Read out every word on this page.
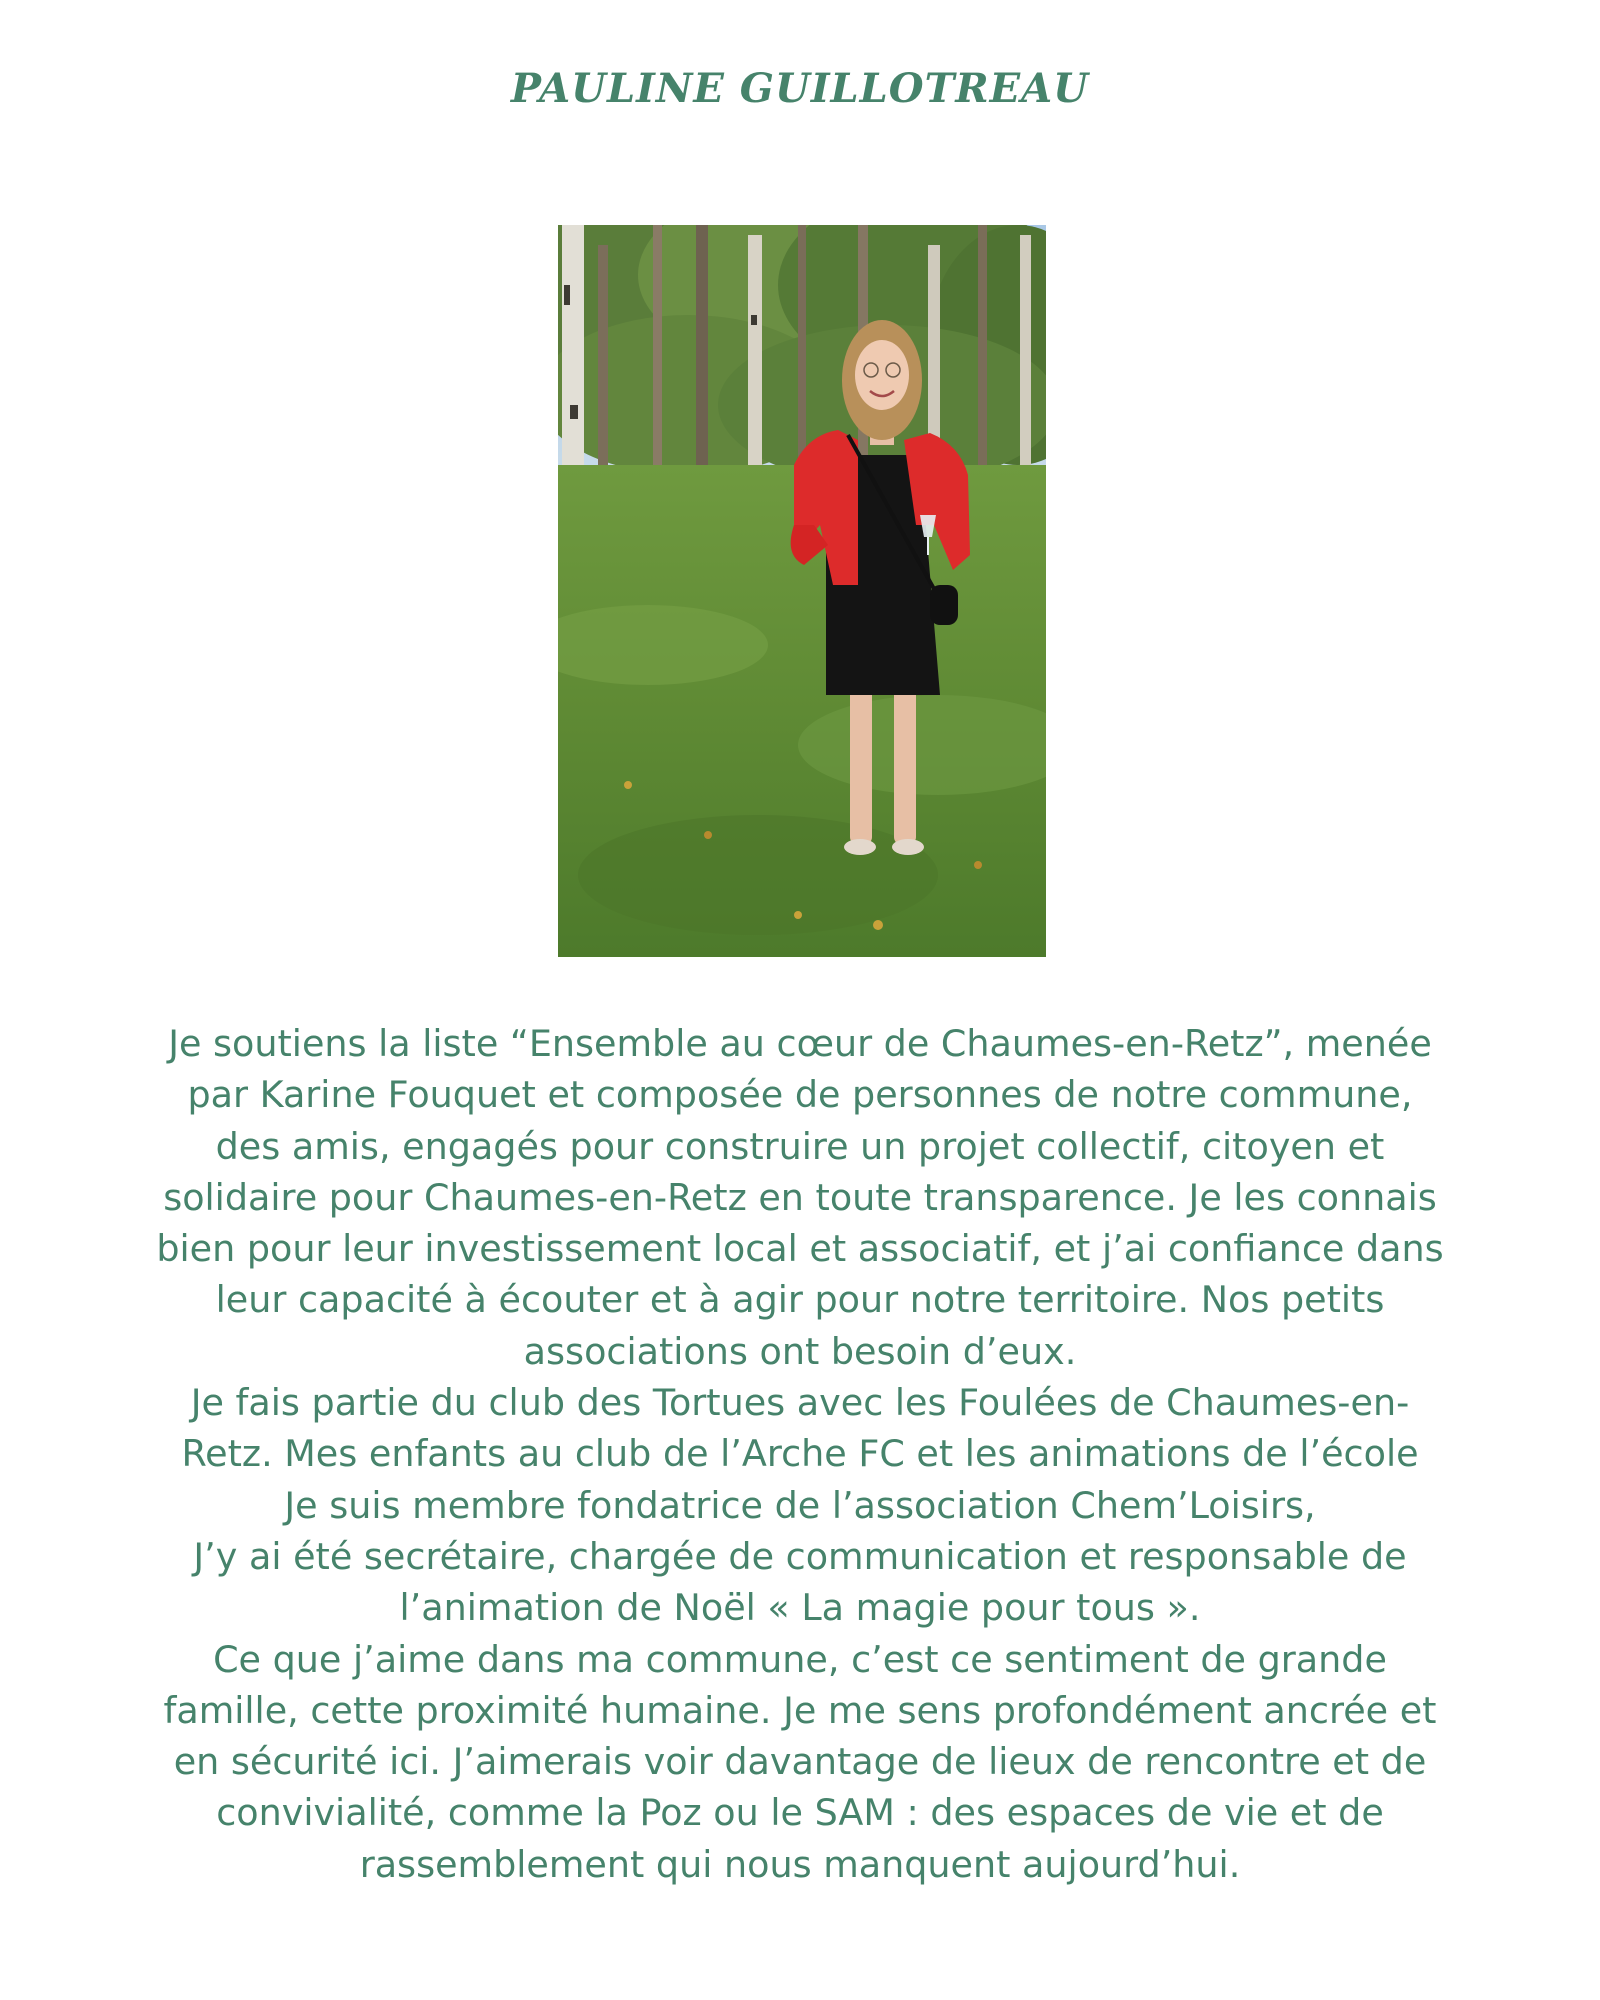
PAULINE GUILLOTREAU

Je soutiens la liste “Ensemble au cœur de Chaumes-en-Retz”, menée par Karine Fouquet et composée de personnes de notre commune, des amis, engagés pour construire un projet collectif, citoyen et solidaire pour Chaumes-en-Retz en toute transparence. Je les connais bien pour leur investissement local et associatif, et j’ai confiance dans leur capacité à écouter et à agir pour notre territoire. Nos petits associations ont besoin d’eux.

Je fais partie du club des Tortues avec les Foulées de Chaumes-en-Retz. Mes enfants au club de l’Arche FC et les animations de l’école

Je suis membre fondatrice de l’association Chem’Loisirs,

J’y ai été secrétaire, chargée de communication et responsable de l’animation de Noël « La magie pour tous ».

Ce que j’aime dans ma commune, c’est ce sentiment de grande famille, cette proximité humaine. Je me sens profondément ancrée et en sécurité ici. J’aimerais voir davantage de lieux de rencontre et de convivialité, comme la Poz ou le SAM : des espaces de vie et de rassemblement qui nous manquent aujourd’hui.
